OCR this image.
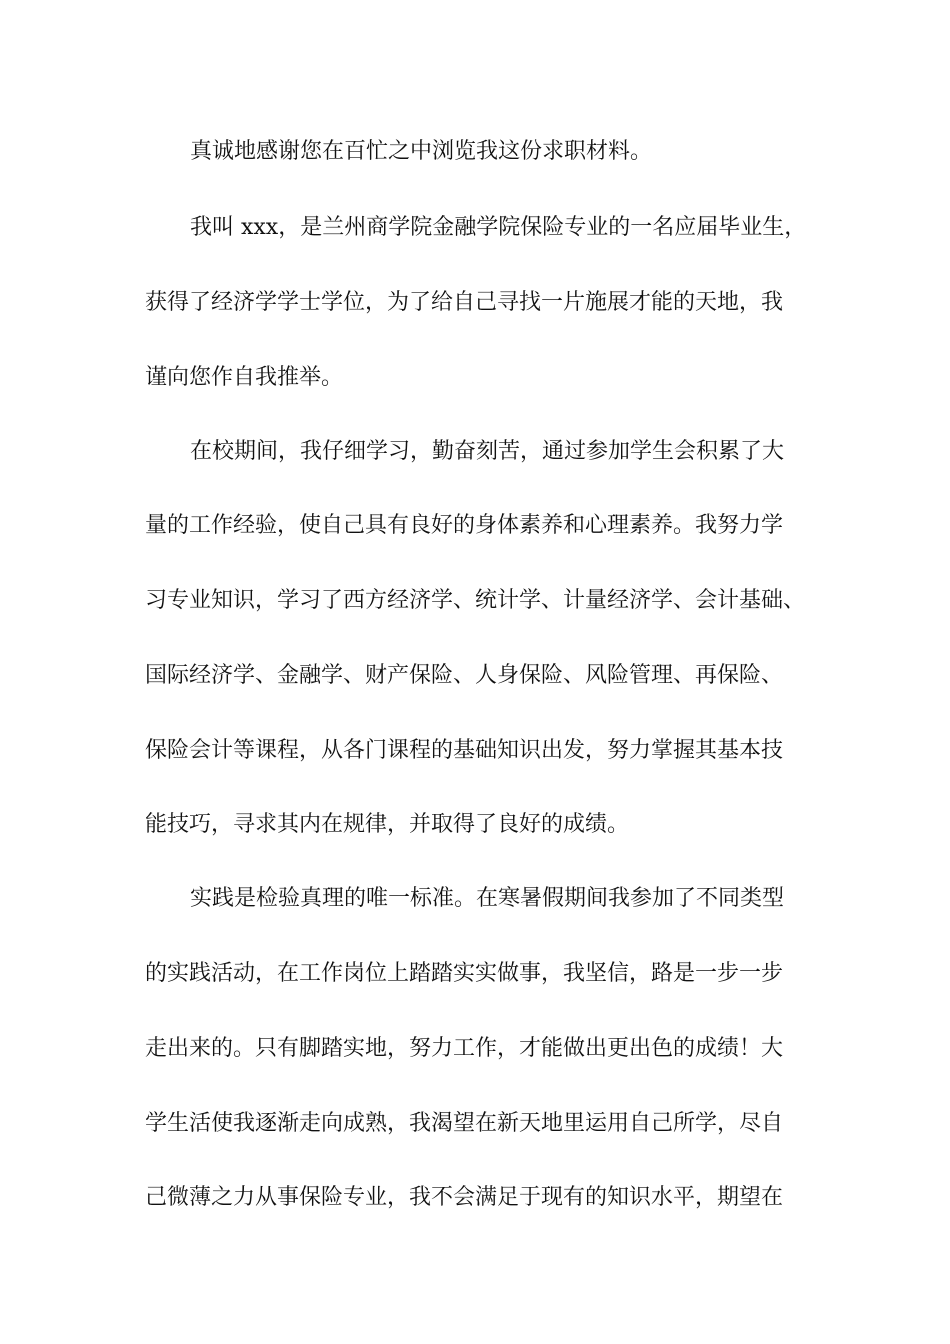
真诚地感谢您在百忙之中浏览我这份求职材料。
我叫 xxx，是兰州商学院金融学院保险专业的一名应届毕业生，
获得了经济学学士学位，为了给自己寻找一片施展才能的天地，我
谨向您作自我推举。
在校期间，我仔细学习，勤奋刻苦，通过参加学生会积累了大
量的工作经验，使自己具有良好的身体素养和心理素养。我努力学
习专业知识，学习了西方经济学、统计学、计量经济学、会计基础、
国际经济学、金融学、财产保险、人身保险、风险管理、再保险、
保险会计等课程，从各门课程的基础知识出发，努力掌握其基本技
能技巧，寻求其内在规律，并取得了良好的成绩。
实践是检验真理的唯一标准。在寒暑假期间我参加了不同类型
的实践活动，在工作岗位上踏踏实实做事，我坚信，路是一步一步
走出来的。只有脚踏实地，努力工作，才能做出更出色的成绩！大
学生活使我逐渐走向成熟，我渴望在新天地里运用自己所学，尽自
己微薄之力从事保险专业，我不会满足于现有的知识水平，期望在
